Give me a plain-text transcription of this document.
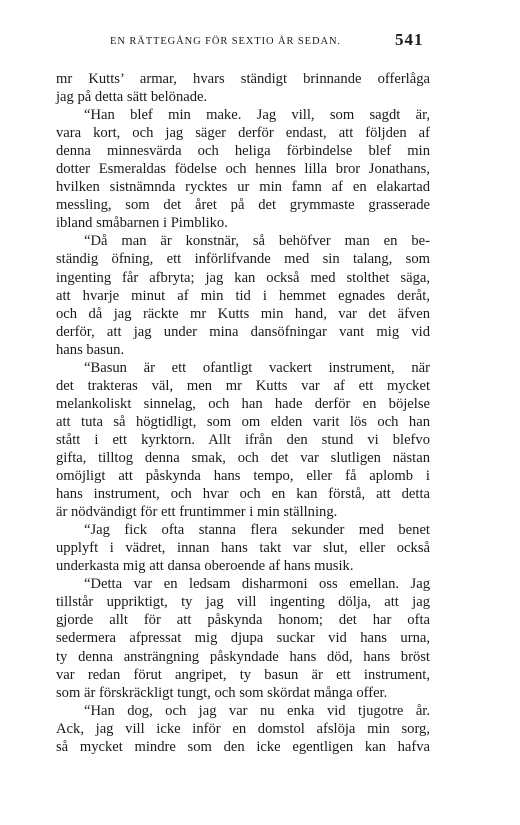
EN RÄTTEGÅNG FÖR SEXTIO ÅR SEDAN.	541
mr Kutts’ armar, hvars ständigt brinnande offerlåga
jag på detta sätt belönade.
“Han blef min make. Jag vill, som sagdt är,
vara kort, och jag säger derför endast, att följden af
denna minnesvärda och heliga förbindelse blef min
dotter Esmeraldas födelse och hennes lilla bror Jonathans,
hvilken sistnämnda rycktes ur min famn af en elakartad
messling, som det året på det grymmaste grasserade
ibland småbarnen i Pimbliko.
“Då man är konstnär, så behöfver man en be-
ständig öfning, ett införlifvande med sin talang, som
ingenting får afbryta; jag kan också med stolthet säga,
att hvarje minut af min tid i hemmet egnades deråt,
och då jag räckte mr Kutts min hand, var det äfven
derför, att jag under mina dansöfningar vant mig vid
hans basun.
“Basun är ett ofantligt vackert instrument, när
det trakteras väl, men mr Kutts var af ett mycket
melankoliskt sinnelag, och han hade derför en böjelse
att tuta så högtidligt, som om elden varit lös och han
stått i ett kyrktorn. Allt ifrån den stund vi blefvo
gifta, tilltog denna smak, och det var slutligen nästan
omöjligt att påskynda hans tempo, eller få aplomb i
hans instrument, och hvar och en kan förstå, att detta
är nödvändigt för ett fruntimmer i min ställning.
“Jag fick ofta stanna flera sekunder med benet
upplyft i vädret, innan hans takt var slut, eller också
underkasta mig att dansa oberoende af hans musik.
“Detta var en ledsam disharmoni oss emellan. Jag
tillstår uppriktigt, ty jag vill ingenting dölja, att jag
gjorde allt för att påskynda honom; det har ofta
sedermera afpressat mig djupa suckar vid hans urna,
ty denna ansträngning påskyndade hans död, hans bröst
var redan förut angripet, ty basun är ett instrument,
som är förskräckligt tungt, och som skördat många offer.
“Han dog, och jag var nu enka vid tjugotre år.
Ack, jag vill icke inför en domstol afslöja min sorg,
så mycket mindre som den icke egentligen kan hafva
